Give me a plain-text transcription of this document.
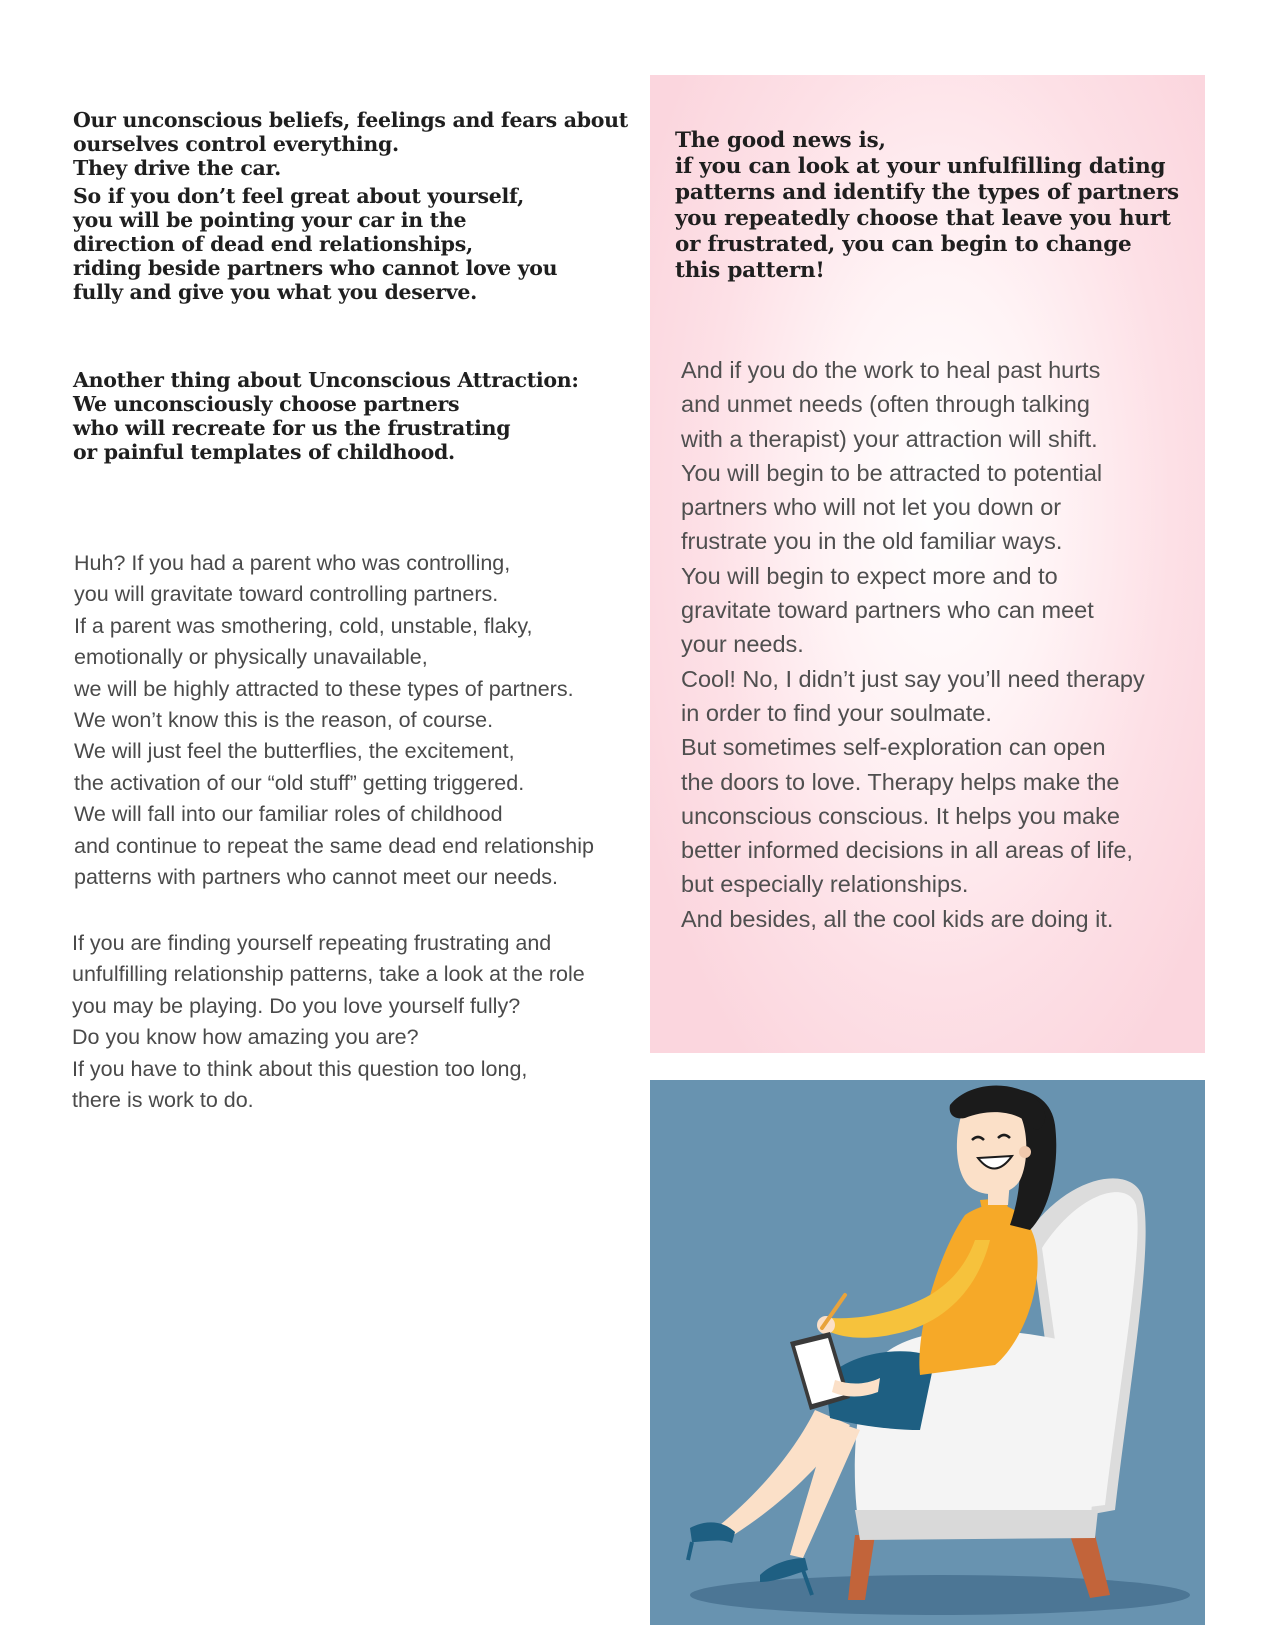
Our unconscious beliefs, feelings and fears about
ourselves control everything.
They drive the car.
So if you don’t feel great about yourself,
you will be pointing your car in the
direction of dead end relationships,
riding beside partners who cannot love you
fully and give you what you deserve.
Another thing about Unconscious Attraction:
We unconsciously choose partners
who will recreate for us the frustrating
or painful templates of childhood.
Huh? If you had a parent who was controlling,
you will gravitate toward controlling partners.
If a parent was smothering, cold, unstable, flaky,
emotionally or physically unavailable,
we will be highly attracted to these types of partners.
We won’t know this is the reason, of course.
We will just feel the butterflies, the excitement,
the activation of our “old stuff” getting triggered.
We will fall into our familiar roles of childhood
and continue to repeat the same dead end relationship
patterns with partners who cannot meet our needs.
If you are finding yourself repeating frustrating and
unfulfilling relationship patterns, take a look at the role
you may be playing. Do you love yourself fully?
Do you know how amazing you are?
If you have to think about this question too long,
there is work to do.
The good news is,
if you can look at your unfulfilling dating
patterns and identify the types of partners
you repeatedly choose that leave you hurt
or frustrated, you can begin to change
this pattern!
And if you do the work to heal past hurts
and unmet needs (often through talking
with a therapist) your attraction will shift.
You will begin to be attracted to potential
partners who will not let you down or
frustrate you in the old familiar ways.
You will begin to expect more and to
gravitate toward partners who can meet
your needs.
Cool! No, I didn’t just say you’ll need therapy
in order to find your soulmate.
But sometimes self-exploration can open
the doors to love. Therapy helps make the
unconscious conscious. It helps you make
better informed decisions in all areas of life,
but especially relationships.
And besides, all the cool kids are doing it.
